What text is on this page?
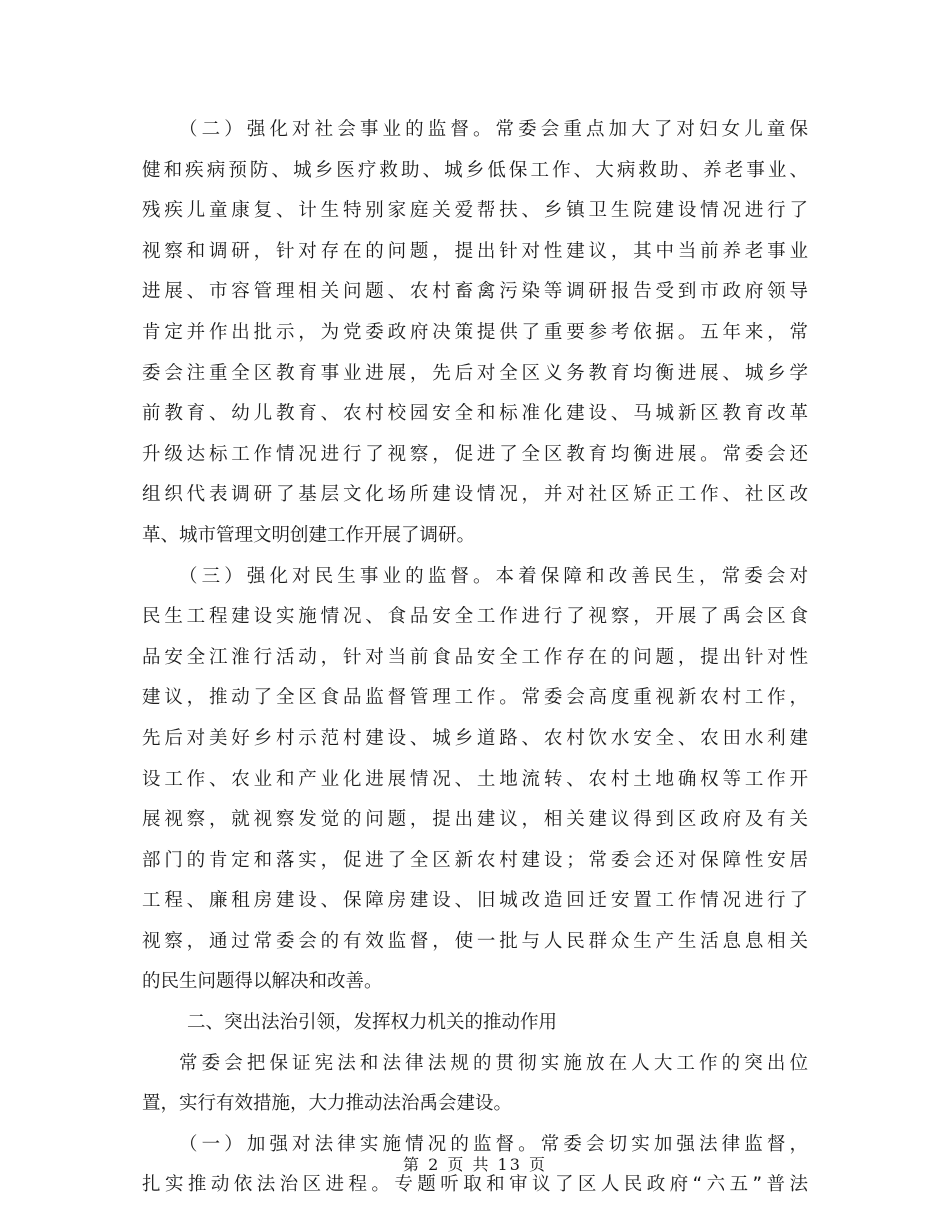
（二）强化对社会事业的监督。常委会重点加大了对妇女儿童保
健和疾病预防、城乡医疗救助、城乡低保工作、大病救助、养老事业、
残疾儿童康复、计生特别家庭关爱帮扶、乡镇卫生院建设情况进行了
视察和调研，针对存在的问题，提出针对性建议，其中当前养老事业
进展、市容管理相关问题、农村畜禽污染等调研报告受到市政府领导
肯定并作出批示，为党委政府决策提供了重要参考依据。五年来，常
委会注重全区教育事业进展，先后对全区义务教育均衡进展、城乡学
前教育、幼儿教育、农村校园安全和标准化建设、马城新区教育改革
升级达标工作情况进行了视察，促进了全区教育均衡进展。常委会还
组织代表调研了基层文化场所建设情况，并对社区矫正工作、社区改
革、城市管理文明创建工作开展了调研。
（三）强化对民生事业的监督。本着保障和改善民生，常委会对
民生工程建设实施情况、食品安全工作进行了视察，开展了禹会区食
品安全江淮行活动，针对当前食品安全工作存在的问题，提出针对性
建议，推动了全区食品监督管理工作。常委会高度重视新农村工作，
先后对美好乡村示范村建设、城乡道路、农村饮水安全、农田水利建
设工作、农业和产业化进展情况、土地流转、农村土地确权等工作开
展视察，就视察发觉的问题，提出建议，相关建议得到区政府及有关
部门的肯定和落实，促进了全区新农村建设；常委会还对保障性安居
工程、廉租房建设、保障房建设、旧城改造回迁安置工作情况进行了
视察，通过常委会的有效监督，使一批与人民群众生产生活息息相关
的民生问题得以解决和改善。
二、突出法治引领，发挥权力机关的推动作用
常委会把保证宪法和法律法规的贯彻实施放在人大工作的突出位
置，实行有效措施，大力推动法治禹会建设。
（一）加强对法律实施情况的监督。常委会切实加强法律监督，
扎实推动依法治区进程。专题听取和审议了区人民政府“六五”普法
第 2 页 共 13 页
